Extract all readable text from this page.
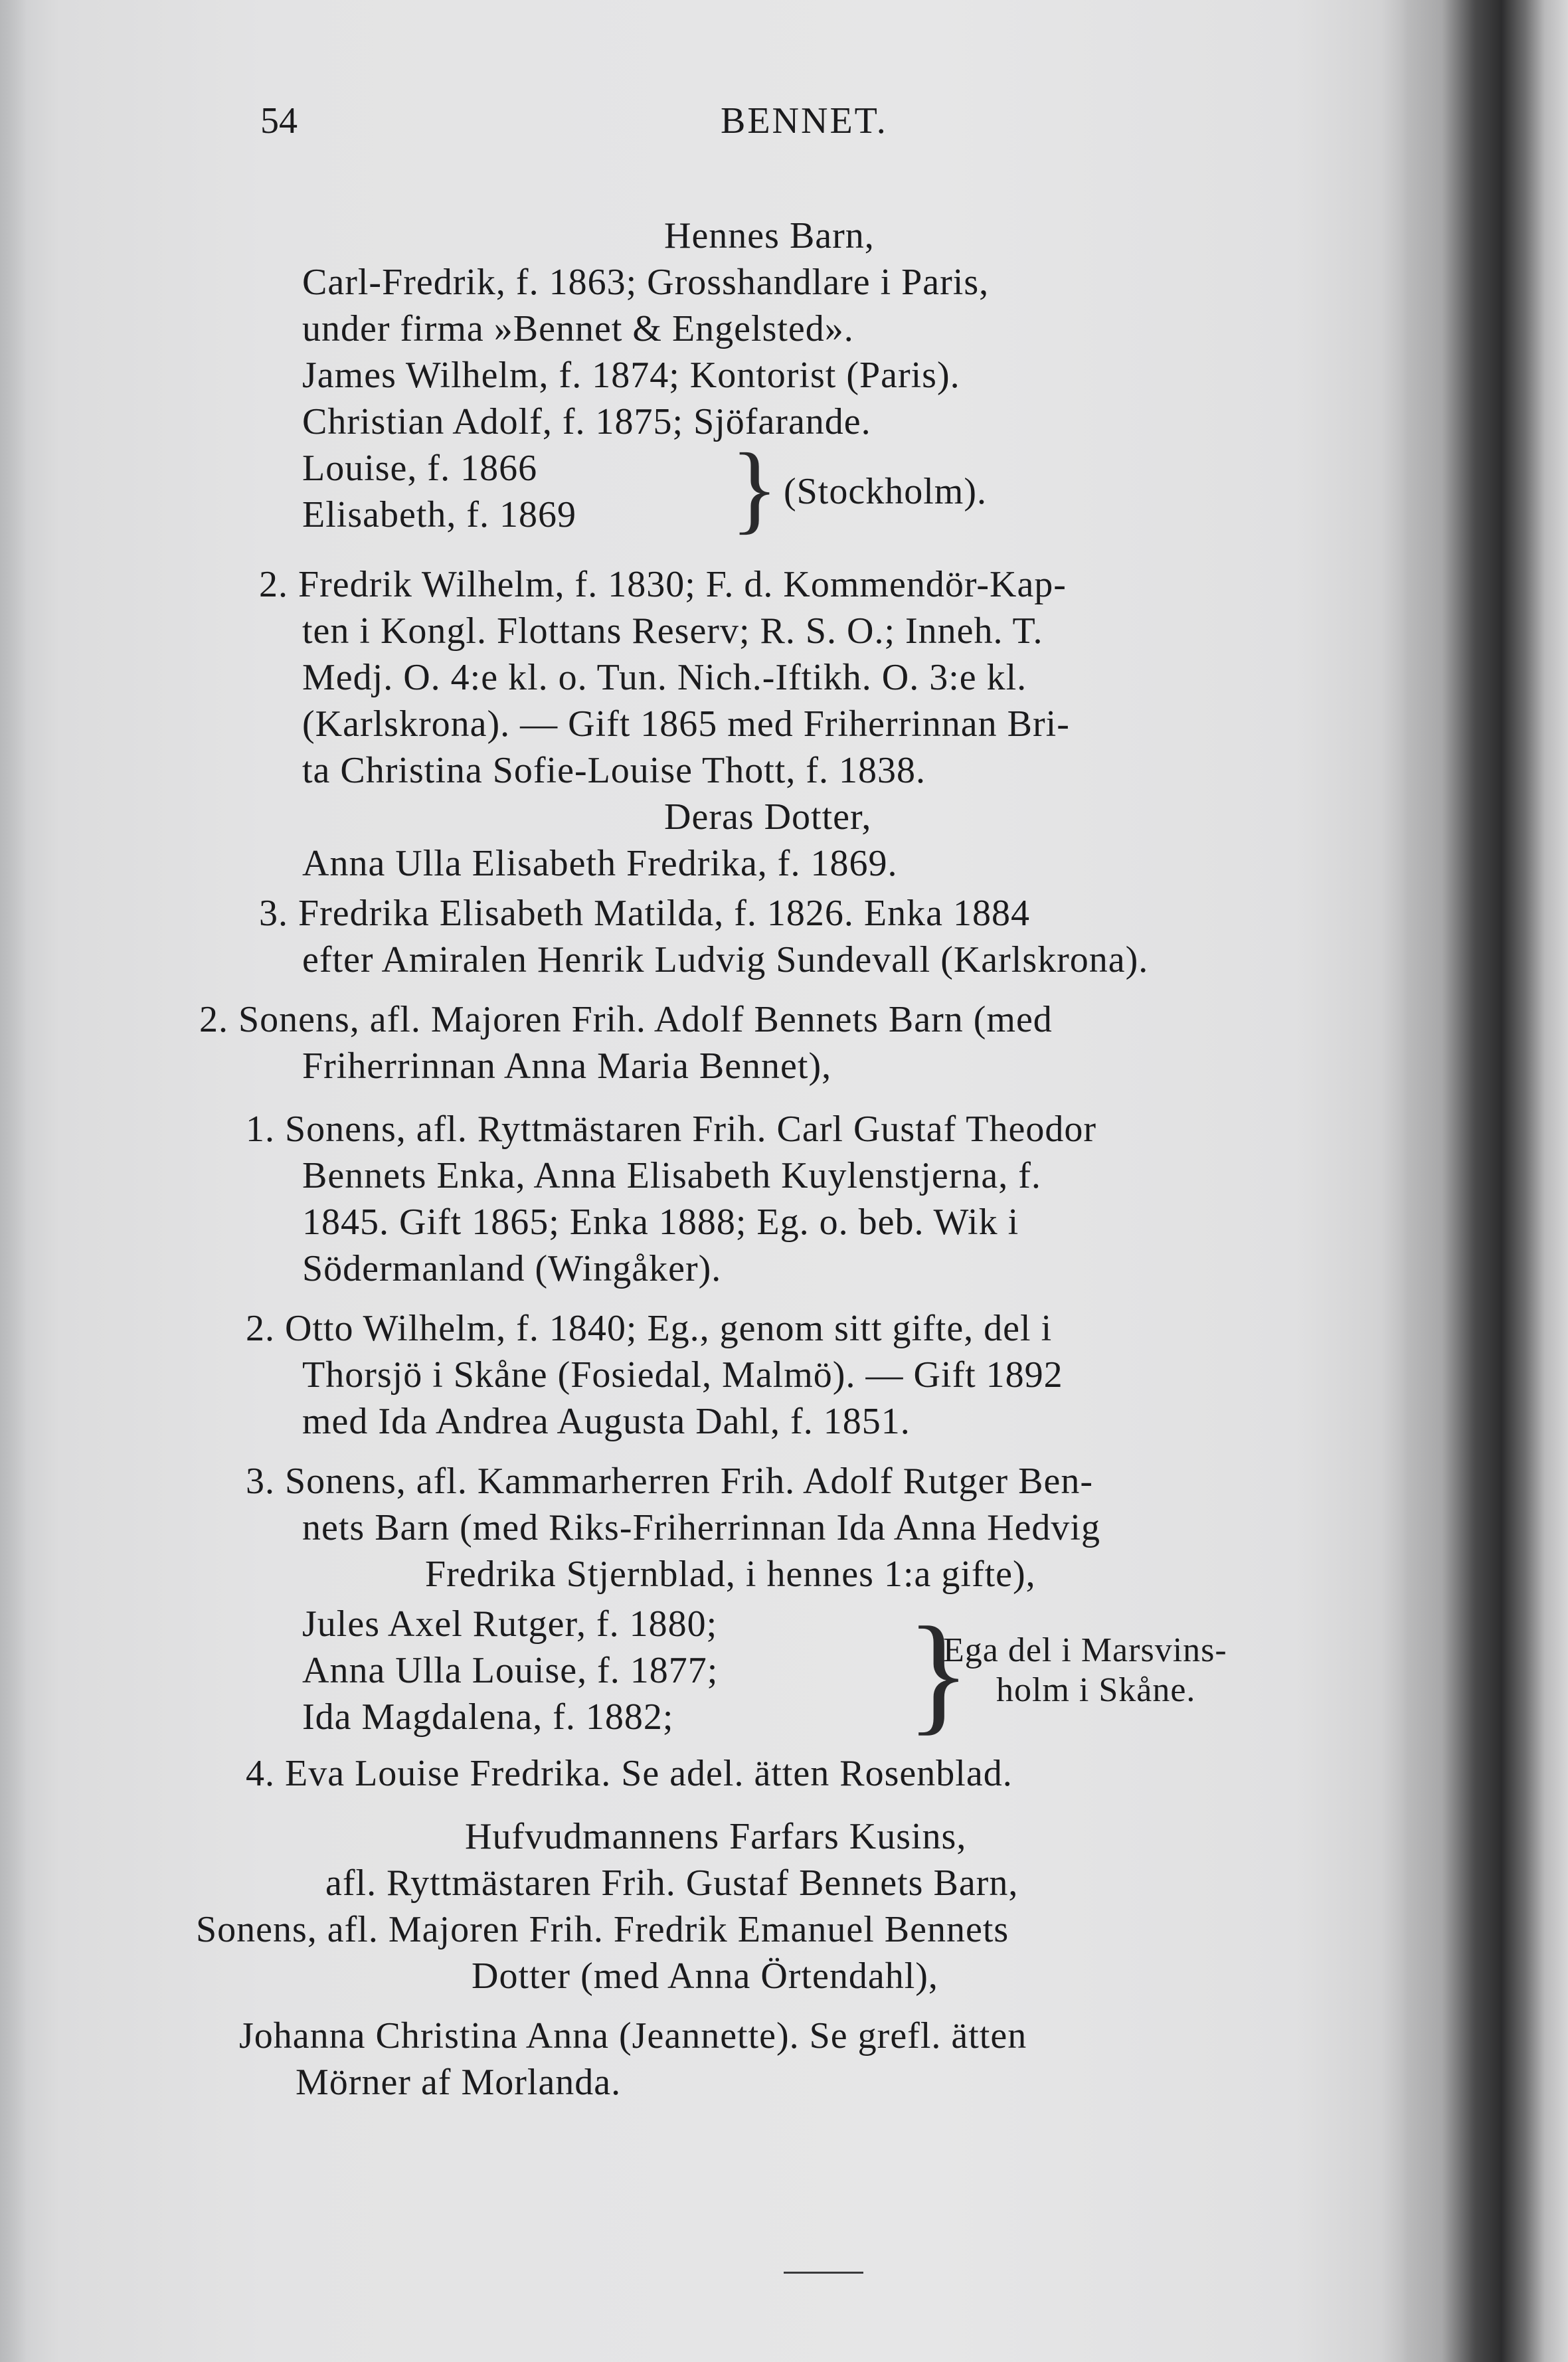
54	BENNET.
Hennes Barn,
Carl-Fredrik, f. 1863; Grosshandlare i Paris,
under firma »Bennet & Engelsted».
James Wilhelm, f. 1874; Kontorist (Paris).
Christian Adolf, f. 1875; Sjöfarande.
Louise, f. 1866
Elisabeth, f. 1869 } (Stockholm).
2. Fredrik Wilhelm, f. 1830; F. d. Kommendör-Kap-
ten i Kongl. Flottans Reserv; R. S. O.; Inneh. T.
Medj. O. 4:e kl. o. Tun. Nich.-Iftikh. O. 3:e kl.
(Karlskrona). — Gift 1865 med Friherrinnan Bri-
ta Christina Sofie-Louise Thott, f. 1838.
Deras Dotter,
Anna Ulla Elisabeth Fredrika, f. 1869.
3. Fredrika Elisabeth Matilda, f. 1826. Enka 1884
efter Amiralen Henrik Ludvig Sundevall (Karlskrona).
2. Sonens, afl. Majoren Frih. Adolf Bennets Barn (med
Friherrinnan Anna Maria Bennet),
1. Sonens, afl. Ryttmästaren Frih. Carl Gustaf Theodor
Bennets Enka, Anna Elisabeth Kuylenstjerna, f.
1845. Gift 1865; Enka 1888; Eg. o. beb. Wik i
Södermanland (Wingåker).
2. Otto Wilhelm, f. 1840; Eg., genom sitt gifte, del i
Thorsjö i Skåne (Fosiedal, Malmö). — Gift 1892
med Ida Andrea Augusta Dahl, f. 1851.
3. Sonens, afl. Kammarherren Frih. Adolf Rutger Ben-
nets Barn (med Riks-Friherrinnan Ida Anna Hedvig
Fredrika Stjernblad, i hennes 1:a gifte),
Jules Axel Rutger, f. 1880;
Anna Ulla Louise, f. 1877;
Ida Magdalena, f. 1882; }
Ega del i Marsvins-
holm i Skåne.
4. Eva Louise Fredrika. Se adel. ätten Rosenblad.
Hufvudmannens Farfars Kusins,
afl. Ryttmästaren Frih. Gustaf Bennets Barn,
Sonens, afl. Majoren Frih. Fredrik Emanuel Bennets
Dotter (med Anna Örtendahl),
Johanna Christina Anna (Jeannette). Se grefl. ätten
Mörner af Morlanda.
